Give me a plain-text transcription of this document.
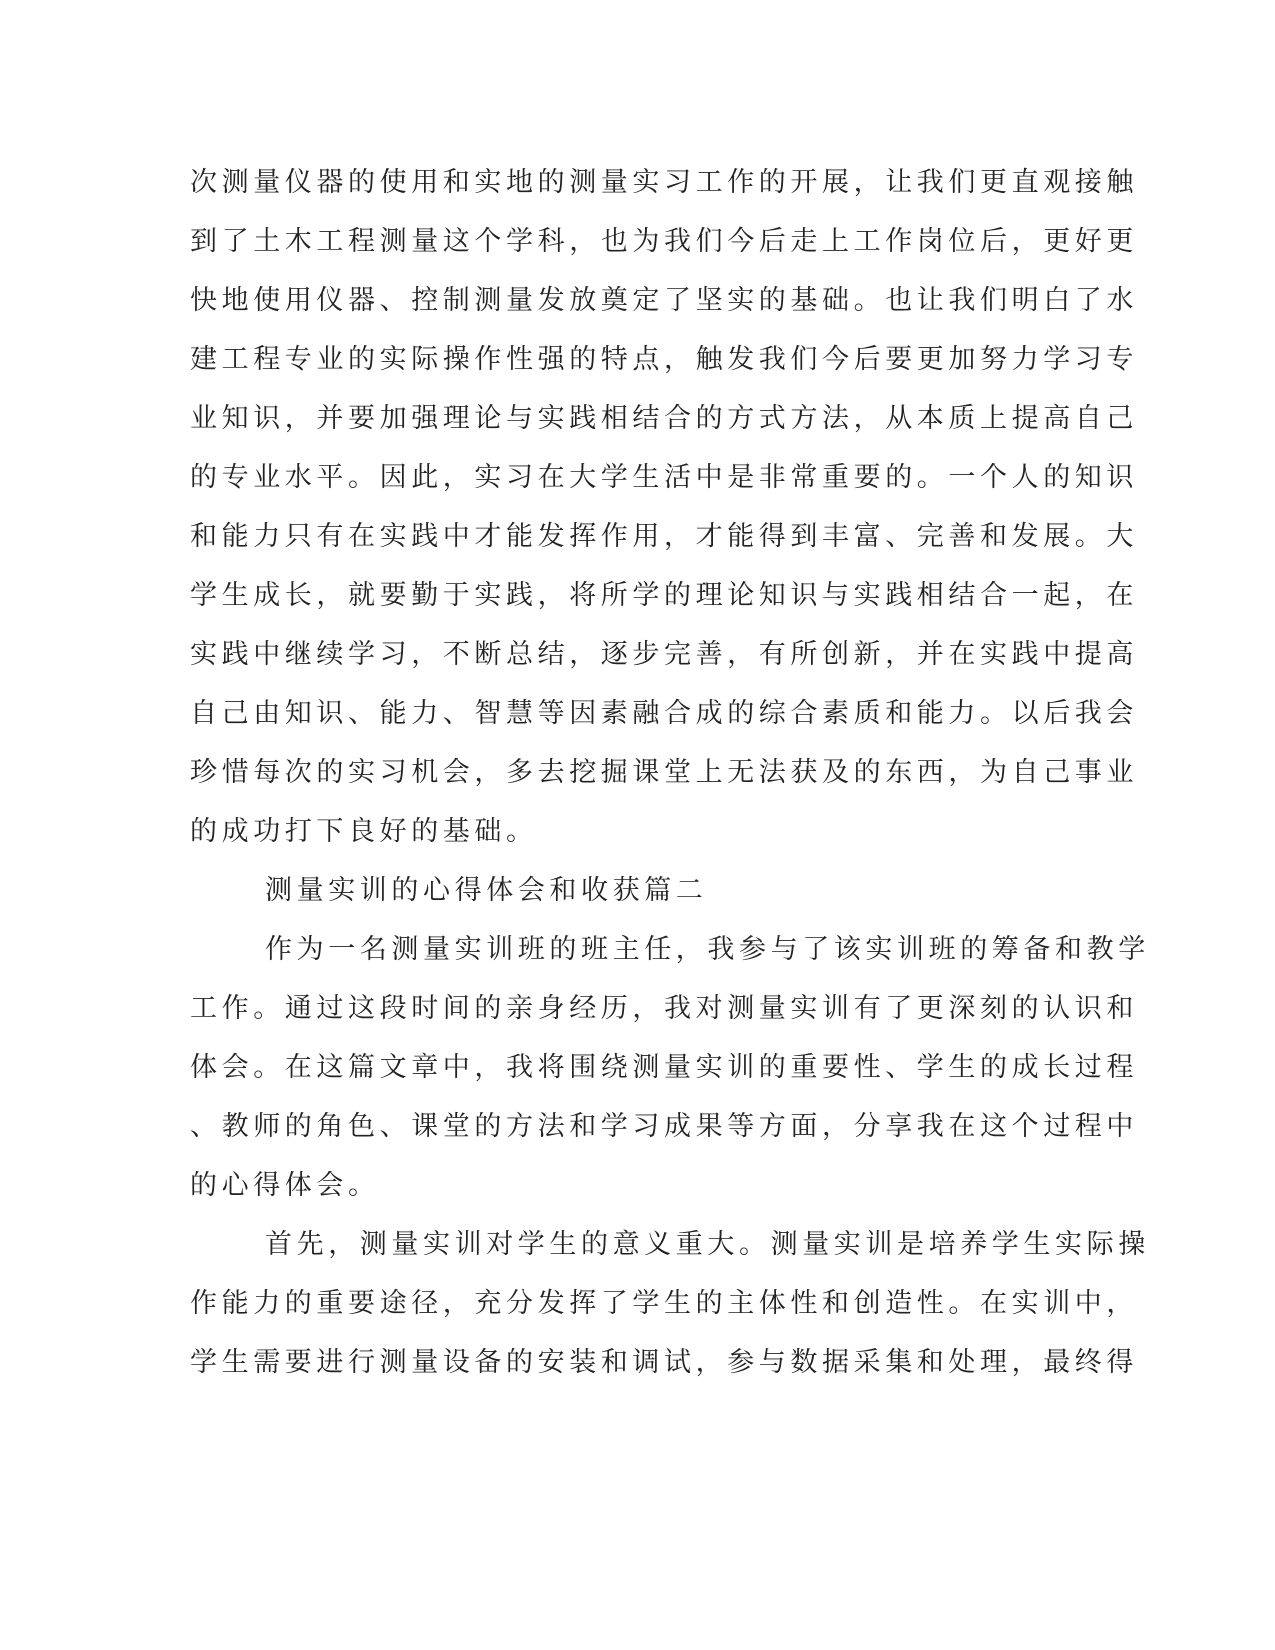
次测量仪器的使用和实地的测量实习工作的开展，让我们更直观接触
到了土木工程测量这个学科，也为我们今后走上工作岗位后，更好更
快地使用仪器、控制测量发放奠定了坚实的基础。也让我们明白了水
建工程专业的实际操作性强的特点，触发我们今后要更加努力学习专
业知识，并要加强理论与实践相结合的方式方法，从本质上提高自己
的专业水平。因此，实习在大学生活中是非常重要的。一个人的知识
和能力只有在实践中才能发挥作用，才能得到丰富、完善和发展。大
学生成长，就要勤于实践，将所学的理论知识与实践相结合一起，在
实践中继续学习，不断总结，逐步完善，有所创新，并在实践中提高
自己由知识、能力、智慧等因素融合成的综合素质和能力。以后我会
珍惜每次的实习机会，多去挖掘课堂上无法获及的东西，为自己事业
的成功打下良好的基础。
测量实训的心得体会和收获篇二
作为一名测量实训班的班主任，我参与了该实训班的筹备和教学
工作。通过这段时间的亲身经历，我对测量实训有了更深刻的认识和
体会。在这篇文章中，我将围绕测量实训的重要性、学生的成长过程
、教师的角色、课堂的方法和学习成果等方面，分享我在这个过程中
的心得体会。
首先，测量实训对学生的意义重大。测量实训是培养学生实际操
作能力的重要途径，充分发挥了学生的主体性和创造性。在实训中，
学生需要进行测量设备的安装和调试，参与数据采集和处理，最终得
